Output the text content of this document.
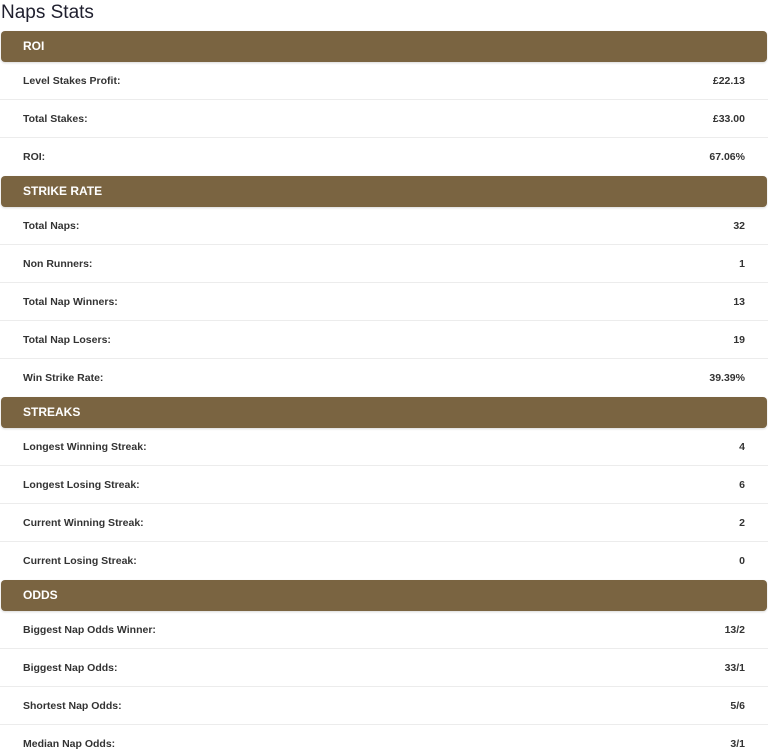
Naps Stats
ROI
Level Stakes Profit:	£22.13
Total Stakes:	£33.00
ROI:	67.06%
STRIKE RATE
Total Naps:	32
Non Runners:	1
Total Nap Winners:	13
Total Nap Losers:	19
Win Strike Rate:	39.39%
STREAKS
Longest Winning Streak:	4
Longest Losing Streak:	6
Current Winning Streak:	2
Current Losing Streak:	0
ODDS
Biggest Nap Odds Winner:	13/2
Biggest Nap Odds:	33/1
Shortest Nap Odds:	5/6
Median Nap Odds:	3/1
